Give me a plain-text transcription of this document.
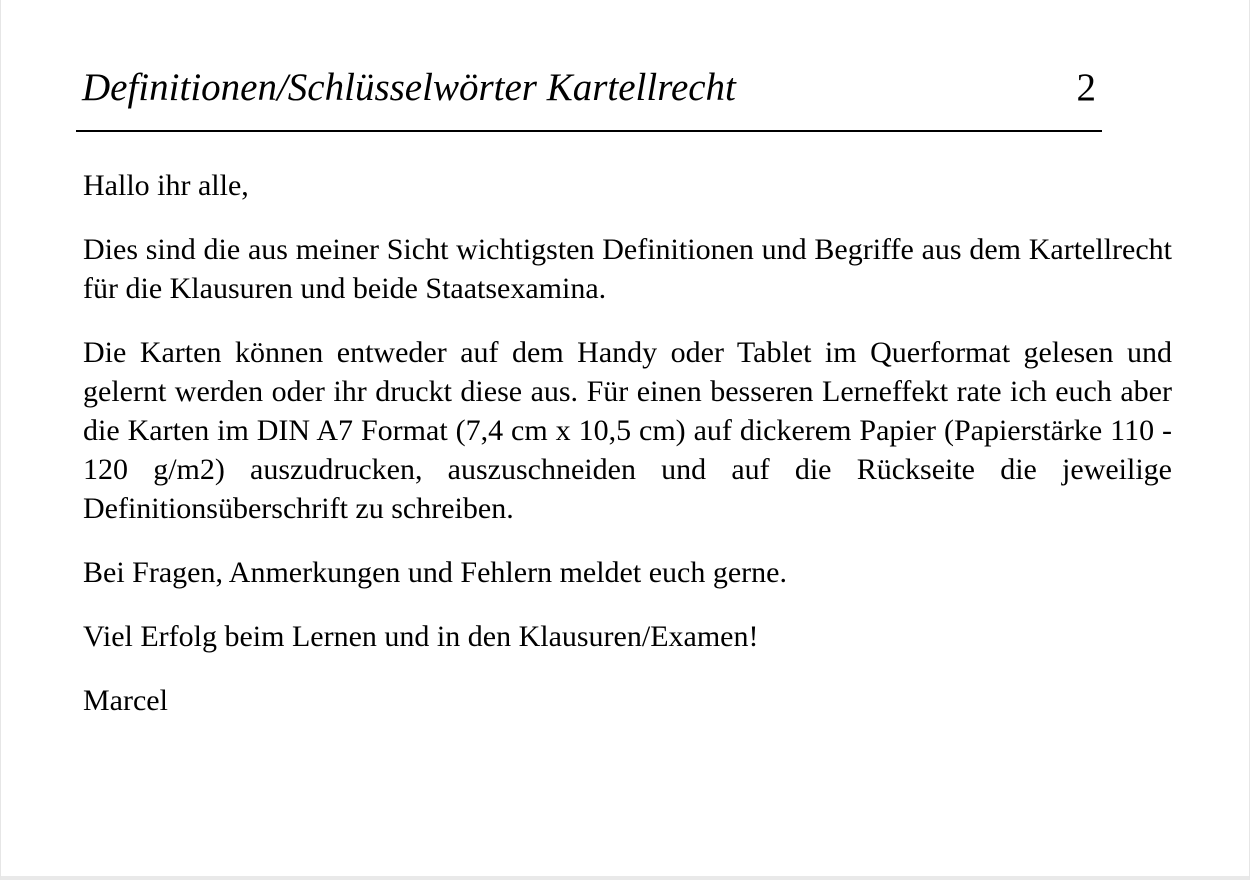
Definitionen/Schlüsselwörter Kartellrecht	2

Hallo ihr alle,

Dies sind die aus meiner Sicht wichtigsten Definitionen und Begriffe aus dem Kartellrecht für die Klausuren und beide Staatsexamina.

Die Karten können entweder auf dem Handy oder Tablet im Querformat gelesen und gelernt werden oder ihr druckt diese aus. Für einen besseren Lerneffekt rate ich euch aber die Karten im DIN A7 Format (7,4 cm x 10,5 cm) auf dickerem Papier (Papierstärke 110 - 120 g/m2) auszudrucken, auszuschneiden und auf die Rückseite die jeweilige Definitionsüberschrift zu schreiben.

Bei Fragen, Anmerkungen und Fehlern meldet euch gerne.

Viel Erfolg beim Lernen und in den Klausuren/Examen!

Marcel
